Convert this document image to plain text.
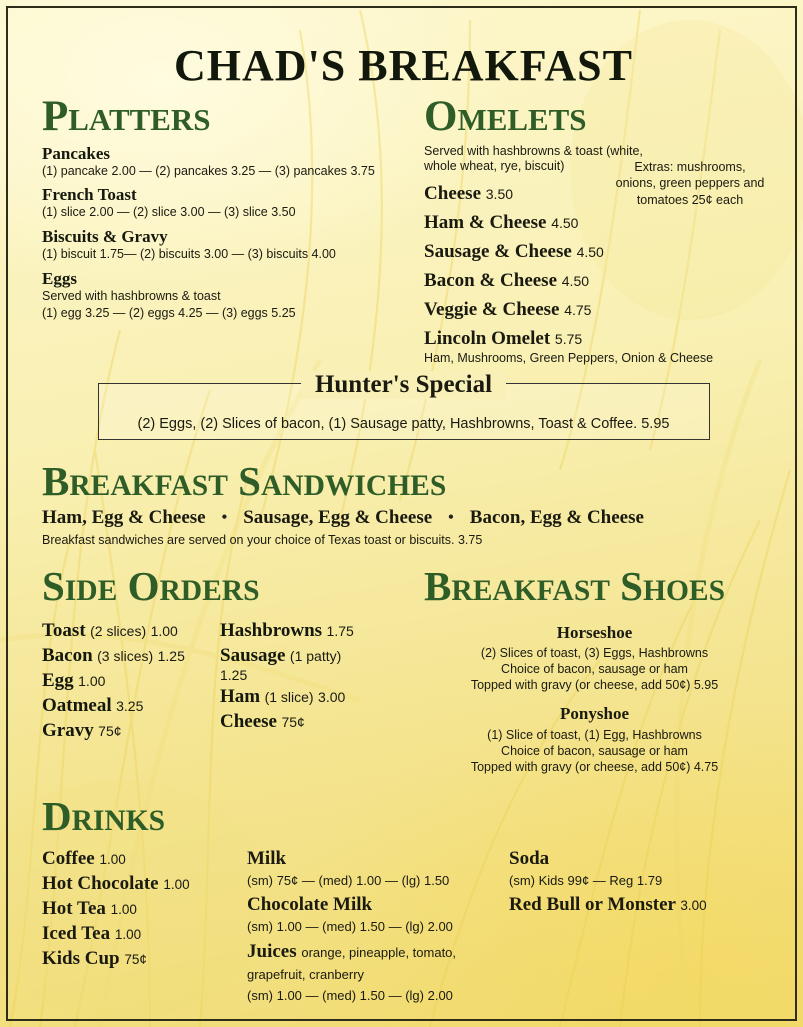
CHAD'S BREAKFAST
PLATTERS
Pancakes
(1) pancake 2.00 — (2) pancakes 3.25 — (3) pancakes 3.75
French Toast
(1) slice 2.00 — (2) slice 3.00 — (3) slice 3.50
Biscuits & Gravy
(1) biscuit 1.75— (2) biscuits 3.00 — (3) biscuits 4.00
Eggs
Served with hashbrowns & toast
(1) egg 3.25 — (2) eggs 4.25 — (3) eggs 5.25
OMELETS
Served with hashbrowns & toast (white, whole wheat, rye, biscuit)	Extras: mushrooms, onions, green peppers and tomatoes 25¢ each
Cheese 3.50
Ham & Cheese 4.50
Sausage & Cheese 4.50
Bacon & Cheese 4.50
Veggie & Cheese 4.75
Lincoln Omelet 5.75
Ham, Mushrooms, Green Peppers, Onion & Cheese
Hunter's Special
(2) Eggs, (2) Slices of bacon, (1) Sausage patty, Hashbrowns, Toast & Coffee. 5.95
BREAKFAST SANDWICHES
Ham, Egg & Cheese • Sausage, Egg & Cheese • Bacon, Egg & Cheese
Breakfast sandwiches are served on your choice of Texas toast or biscuits. 3.75
SIDE ORDERS
Toast (2 slices) 1.00
Bacon (3 slices) 1.25
Egg 1.00
Oatmeal 3.25
Gravy 75¢
Hashbrowns 1.75
Sausage (1 patty)
1.25
Ham (1 slice) 3.00
Cheese 75¢
BREAKFAST SHOES
Horseshoe
(2) Slices of toast, (3) Eggs, Hashbrowns
Choice of bacon, sausage or ham
Topped with gravy (or cheese, add 50¢) 5.95
Ponyshoe
(1) Slice of toast, (1) Egg, Hashbrowns
Choice of bacon, sausage or ham
Topped with gravy (or cheese, add 50¢) 4.75
DRINKS
Coffee 1.00
Hot Chocolate 1.00
Hot Tea 1.00
Iced Tea 1.00
Kids Cup 75¢
Milk
(sm) 75¢ — (med) 1.00 — (lg) 1.50
Chocolate Milk
(sm) 1.00 — (med) 1.50 — (lg) 2.00
Juices orange, pineapple, tomato, grapefruit, cranberry
(sm) 1.00 — (med) 1.50 — (lg) 2.00
Soda
(sm) Kids 99¢ — Reg 1.79
Red Bull or Monster 3.00
